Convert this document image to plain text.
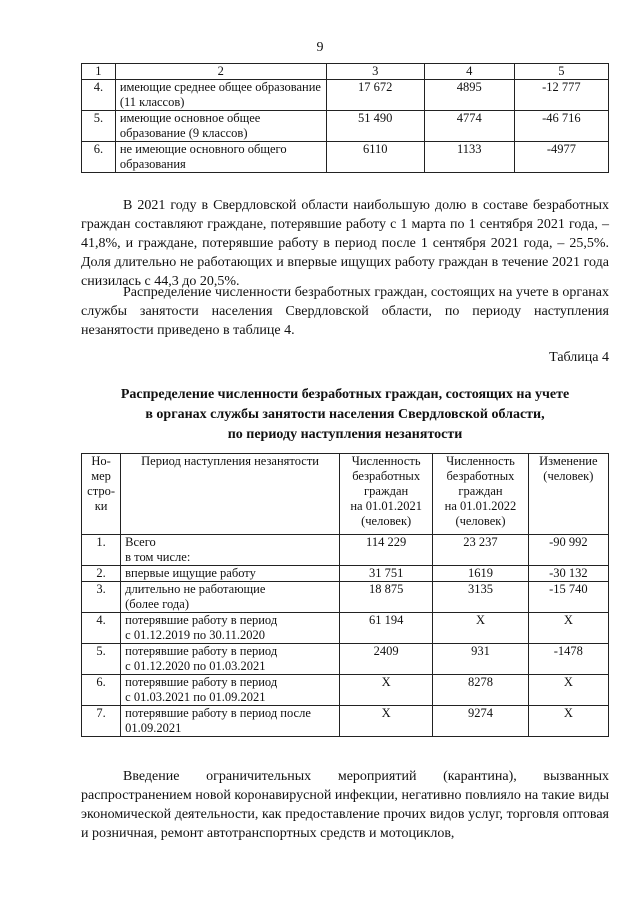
9
1	2	3	4	5
4.	имеющие среднее общее образование (11 классов)	17 672	4895	-12 777
5.	имеющие основное общее образование (9 классов)	51 490	4774	-46 716
6.	не имеющие основного общего образования	6110	1133	-4977

В 2021 году в Свердловской области наибольшую долю в составе безработных граждан составляют граждане, потерявшие работу с 1 марта по 1 сентября 2021 года, – 41,8%, и граждане, потерявшие работу в период после 1 сентября 2021 года, – 25,5%. Доля длительно не работающих и впервые ищущих работу граждан в течение 2021 года снизилась с 44,3 до 20,5%.

Распределение численности безработных граждан, состоящих на учете в органах службы занятости населения Свердловской области, по периоду наступления незанятости приведено в таблице 4.

Таблица 4
Распределение численности безработных граждан, состоящих на учете
в органах службы занятости населения Свердловской области,
по периоду наступления незанятости
Но-
мер
стро-
ки	Период наступления незанятости	Численность
безработных
граждан
на 01.01.2021
(человек)	Численность
безработных
граждан
на 01.01.2022
(человек)	Изменение
(человек)
1.	Всего
в том числе:	114 229	23 237	-90 992
2.	впервые ищущие работу	31 751	1619	-30 132
3.	длительно не работающие
(более года)	18 875	3135	-15 740
4.	потерявшие работу в период
с 01.12.2019 по 30.11.2020	61 194	Х	Х
5.	потерявшие работу в период
с 01.12.2020 по 01.03.2021	2409	931	-1478
6.	потерявшие работу в период
с 01.03.2021 по 01.09.2021	Х	8278	Х
7.	потерявшие работу в период после
01.09.2021	Х	9274	Х

Введение ограничительных мероприятий (карантина), вызванных распространением новой коронавирусной инфекции, негативно повлияло на такие виды экономической деятельности, как предоставление прочих видов услуг, торговля оптовая и розничная, ремонт автотранспортных средств и мотоциклов,
